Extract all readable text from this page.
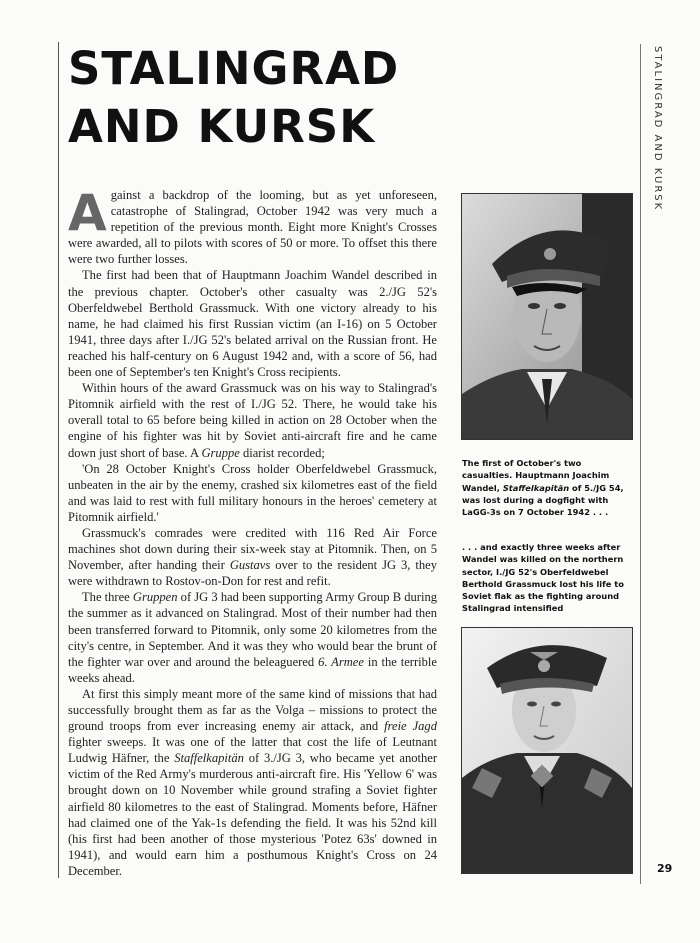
STALINGRAD
AND KURSK	STALINGRAD AND KURSK

Against a backdrop of the looming, but as yet unforeseen, catastrophe of Stalingrad, October 1942 was very much a repetition of the previous month. Eight more Knight's Crosses were awarded, all to pilots with scores of 50 or more. To offset this there were two further losses.

The first had been that of Hauptmann Joachim Wandel described in the previous chapter. October's other casualty was 2./JG 52's Oberfeldwebel Berthold Grassmuck. With one victory already to his name, he had claimed his first Russian victim (an I-16) on 5 October 1941, three days after I./JG 52's belated arrival on the Russian front. He reached his half-century on 6 August 1942 and, with a score of 56, had been one of September's ten Knight's Cross recipients.

Within hours of the award Grassmuck was on his way to Stalingrad's Pitomnik airfield with the rest of I./JG 52. There, he would take his overall total to 65 before being killed in action on 28 October when the engine of his fighter was hit by Soviet anti-aircraft fire and he came down just short of base. A Gruppe diarist recorded;

'On 28 October Knight's Cross holder Oberfeldwebel Grassmuck, unbeaten in the air by the enemy, crashed six kilometres east of the field and was laid to rest with full military honours in the heroes' cemetery at Pitomnik airfield.'

Grassmuck's comrades were credited with 116 Red Air Force machines shot down during their six-week stay at Pitomnik. Then, on 5 November, after handing their Gustavs over to the resident JG 3, they were withdrawn to Rostov-on-Don for rest and refit.

The three Gruppen of JG 3 had been supporting Army Group B during the summer as it advanced on Stalingrad. Most of their number had then been transferred forward to Pitomnik, only some 20 kilometres from the city's centre, in September. And it was they who would bear the brunt of the fighter war over and around the beleaguered 6. Armee in the terrible weeks ahead.

At first this simply meant more of the same kind of missions that had successfully brought them as far as the Volga – missions to protect the ground troops from ever increasing enemy air attack, and freie Jagd fighter sweeps. It was one of the latter that cost the life of Leutnant Ludwig Häfner, the Staffelkapitän of 3./JG 3, who became yet another victim of the Red Army's murderous anti-aircraft fire. His 'Yellow 6' was brought down on 10 November while ground strafing a Soviet fighter airfield 80 kilometres to the east of Stalingrad. Moments before, Häfner had claimed one of the Yak-1s defending the field. It was his 52nd kill (his first had been another of those mysterious 'Potez 63s' downed in 1941), and would earn him a posthumous Knight's Cross on 24 December.

The first of October's two casualties. Hauptmann Joachim Wandel, Staffelkapitän of 5./JG 54, was lost during a dogfight with LaGG-3s on 7 October 1942 . . .
. . . and exactly three weeks after Wandel was killed on the northern sector, I./JG 52's Oberfeldwebel Berthold Grassmuck lost his life to Soviet flak as the fighting around Stalingrad intensified
29
